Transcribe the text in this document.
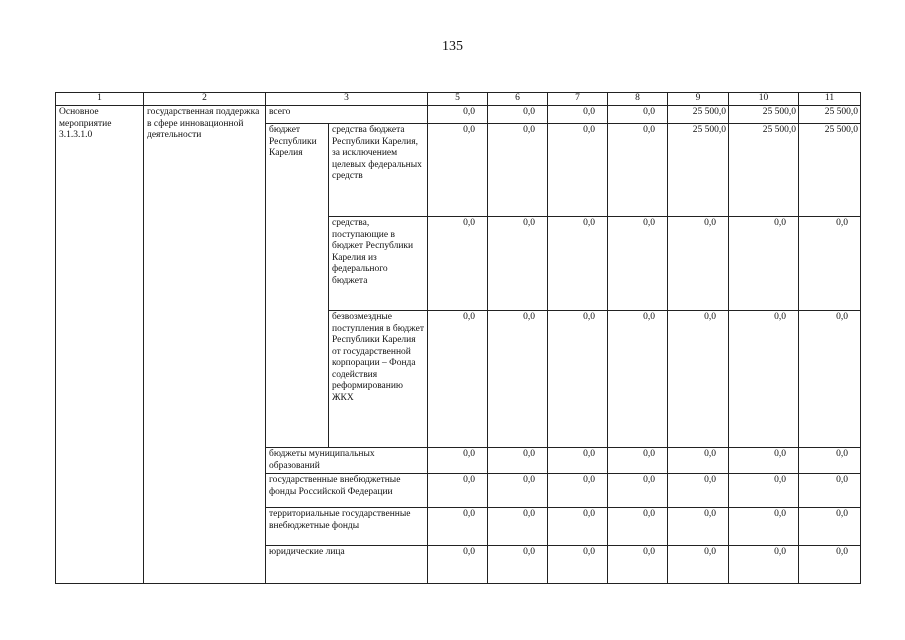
135
1	2	3		5	6	7	8	9	10	11
Основное мероприятие 3.1.3.1.0	государственная поддержка в сфере инновационной деятельности	всего		0,0	0,0	0,0	0,0	25 500,0	25 500,0	25 500,0
		бюджет Республики Карелия	средства бюджета Республики Карелия, за исключением целевых федеральных средств	0,0	0,0	0,0	0,0	25 500,0	25 500,0	25 500,0
			средства, поступающие в бюджет Республики Карелия из федерального бюджета	0,0	0,0	0,0	0,0	0,0	0,0	0,0
			безвозмездные поступления в бюджет Республики Карелия от государственной корпорации – Фонда содействия реформированию ЖКХ	0,0	0,0	0,0	0,0	0,0	0,0	0,0
		бюджеты муниципальных образований		0,0	0,0	0,0	0,0	0,0	0,0	0,0
		государственные внебюджетные фонды Российской Федерации		0,0	0,0	0,0	0,0	0,0	0,0	0,0
		территориальные государственные внебюджетные фонды		0,0	0,0	0,0	0,0	0,0	0,0	0,0
		юридические лица		0,0	0,0	0,0	0,0	0,0	0,0	0,0
